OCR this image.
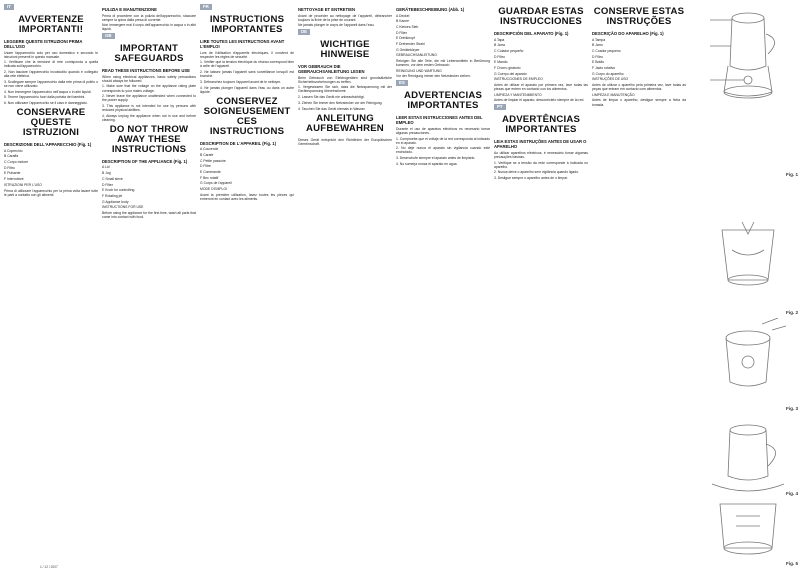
IT
AVVERTENZE IMPORTANTI!
LEGGERE QUESTE ISTRUZIONI PRIMA DELL'USO

Usare l'apparecchio solo per uso domestico e secondo le istruzioni presenti in questo manuale.

1. Verificare che la tensione di rete corrisponda a quella indicata sull'apparecchio.

2. Non lasciare l'apparecchio incustodito quando è collegato alla rete elettrica.

3. Scollegare sempre l'apparecchio dalla rete prima di pulirlo o se non viene utilizzato.

4. Non immergere l'apparecchio nell'acqua o in altri liquidi.

5. Tenere l'apparecchio fuori dalla portata dei bambini.

6. Non utilizzare l'apparecchio se il cavo è danneggiato.

CONSERVARE QUESTE ISTRUZIONI
DESCRIZIONE DELL'APPARECCHIO (Fig. 1)

A Coperchio

B Caraffa

C Corpo motore

D Filtro

E Pulsante

F Interruttore

ISTRUZIONI PER L'USO

Prima di utilizzare l'apparecchio per la prima volta lavare tutte le parti a contatto con gli alimenti.

PULIZIA E MANUTENZIONE

Prima di procedere con la pulizia dell'apparecchio, staccare sempre la spina dalla presa di corrente.

Non immergere mai il corpo dell'apparecchio in acqua o in altri liquidi.

GB
IMPORTANT SAFEGUARDS
READ THESE INSTRUCTIONS BEFORE USE

When using electrical appliances, basic safety precautions should always be followed.

1. Make sure that the voltage on the appliance rating plate corresponds to your mains voltage.

2. Never leave the appliance unattended when connected to the power supply.

3. This appliance is not intended for use by persons with reduced physical abilities.

4. Always unplug the appliance when not in use and before cleaning.

DO NOT THROW AWAY THESE INSTRUCTIONS
DESCRIPTION OF THE APPLIANCE (Fig. 1)

A Lid

B Jug

C Small sieve

D Filter

E Knob for controlling

F Rotating jet

G Appliance body

INSTRUCTIONS FOR USE

Before using the appliance for the first time, wash all parts that come into contact with food.

FR
INSTRUCTIONS IMPORTANTES
LIRE TOUTES LES INSTRUCTIONS AVANT L'EMPLOI

Lors de l'utilisation d'appareils électriques, il convient de respecter les règles de sécurité.

1. Vérifier que la tension électrique du réseau correspond bien à celle de l'appareil.

2. Ne laissez jamais l'appareil sans surveillance lorsqu'il est branché.

3. Débranchez toujours l'appareil avant de le nettoyer.

4. Ne jamais plonger l'appareil dans l'eau ou dans un autre liquide.

CONSERVEZ SOIGNEUSEMENT CES INSTRUCTIONS
DESCRIPTION DE L'APPAREIL (Fig. 1)

A Couvercle

B Carafe

C Petite passoire

D Filtre

E Commande

F Bec rotatif

G Corps de l'appareil

MODE D'EMPLOI

Avant la première utilisation, lavez toutes les pièces qui entreront en contact avec les aliments.

NETTOYAGE ET ENTRETIEN

Avant de procéder au nettoyage de l'appareil, débrancher toujours la fiche de la prise de courant.

Ne jamais plonger le corps de l'appareil dans l'eau.

DE
WICHTIGE HINWEISE
VOR GEBRAUCH DIE GEBRAUCHSANLEITUNG LESEN

Beim Gebrauch von Elektrogeräten sind grundsätzliche Sicherheitsvorkehrungen zu treffen.

1. Vergewissern Sie sich, dass die Netzspannung mit der Gerätespannung übereinstimmt.

2. Lassen Sie das Gerät nie unbeaufsichtigt.

3. Ziehen Sie immer den Netzstecker vor der Reinigung.

4. Tauchen Sie das Gerät niemals in Wasser.

ANLEITUNG AUFBEWAHREN

Dieses Gerät entspricht den Richtlinien der Europäischen Gemeinschaft.

GERÄTEBESCHREIBUNG (Abb. 1)

A Deckel

B Kanne

C Kleines Sieb

D Filter

E Drehknopf

F Drehender Strahl

G Gerätekörper

GEBRAUCHSANLEITUNG

Reinigen Sie alle Teile, die mit Lebensmitteln in Berührung kommen, vor dem ersten Gebrauch.

REINIGUNG UND WARTUNG

Vor der Reinigung immer den Netzstecker ziehen.

ES
ADVERTENCIAS IMPORTANTES
LEER ESTAS INSTRUCCIONES ANTES DEL EMPLEO

Durante el uso de aparatos eléctricos es necesario tomar algunas precauciones.

1. Compruebe que el voltaje de la red corresponda al indicado en el aparato.

2. No deje nunca el aparato sin vigilancia cuando esté enchufado.

3. Desenchufe siempre el aparato antes de limpiarlo.

4. No sumerja nunca el aparato en agua.

GUARDAR ESTAS INSTRUCCIONES
DESCRIPCIÓN DEL APARATO (Fig. 1)

A Tapa

B Jarra

C Colador pequeño

D Filtro

E Mando

F Chorro giratorio

G Cuerpo del aparato

INSTRUCCIONES DE EMPLEO

Antes de utilizar el aparato por primera vez, lave todas las piezas que entren en contacto con los alimentos.

LIMPIEZA Y MANTENIMIENTO

Antes de limpiar el aparato, desconéctelo siempre de la red.

PT
ADVERTÊNCIAS IMPORTANTES
LEIA ESTAS INSTRUÇÕES ANTES DE USAR O APARELHO

Ao utilizar aparelhos eléctricos, é necessário tomar algumas precauções básicas.

1. Verifique se a tensão da rede corresponde à indicada no aparelho.

2. Nunca deixe o aparelho sem vigilância quando ligado.

3. Desligue sempre o aparelho antes de o limpar.

CONSERVE ESTAS INSTRUÇÕES
DESCRIÇÃO DO APARELHO (Fig. 1)

A Tampa

B Jarro

C Coador pequeno

D Filtro

E Botão

F Jacto rotativo

G Corpo do aparelho

INSTRUÇÕES DE USO

Antes de utilizar o aparelho pela primeira vez, lave todas as peças que entram em contacto com alimentos.

LIMPEZA E MANUTENÇÃO

Antes de limpar o aparelho, desligue sempre a ficha da tomada.

Fig. 1
Fig. 2
Fig. 3
Fig. 4
Fig. 5
1 / 12 / 2007
